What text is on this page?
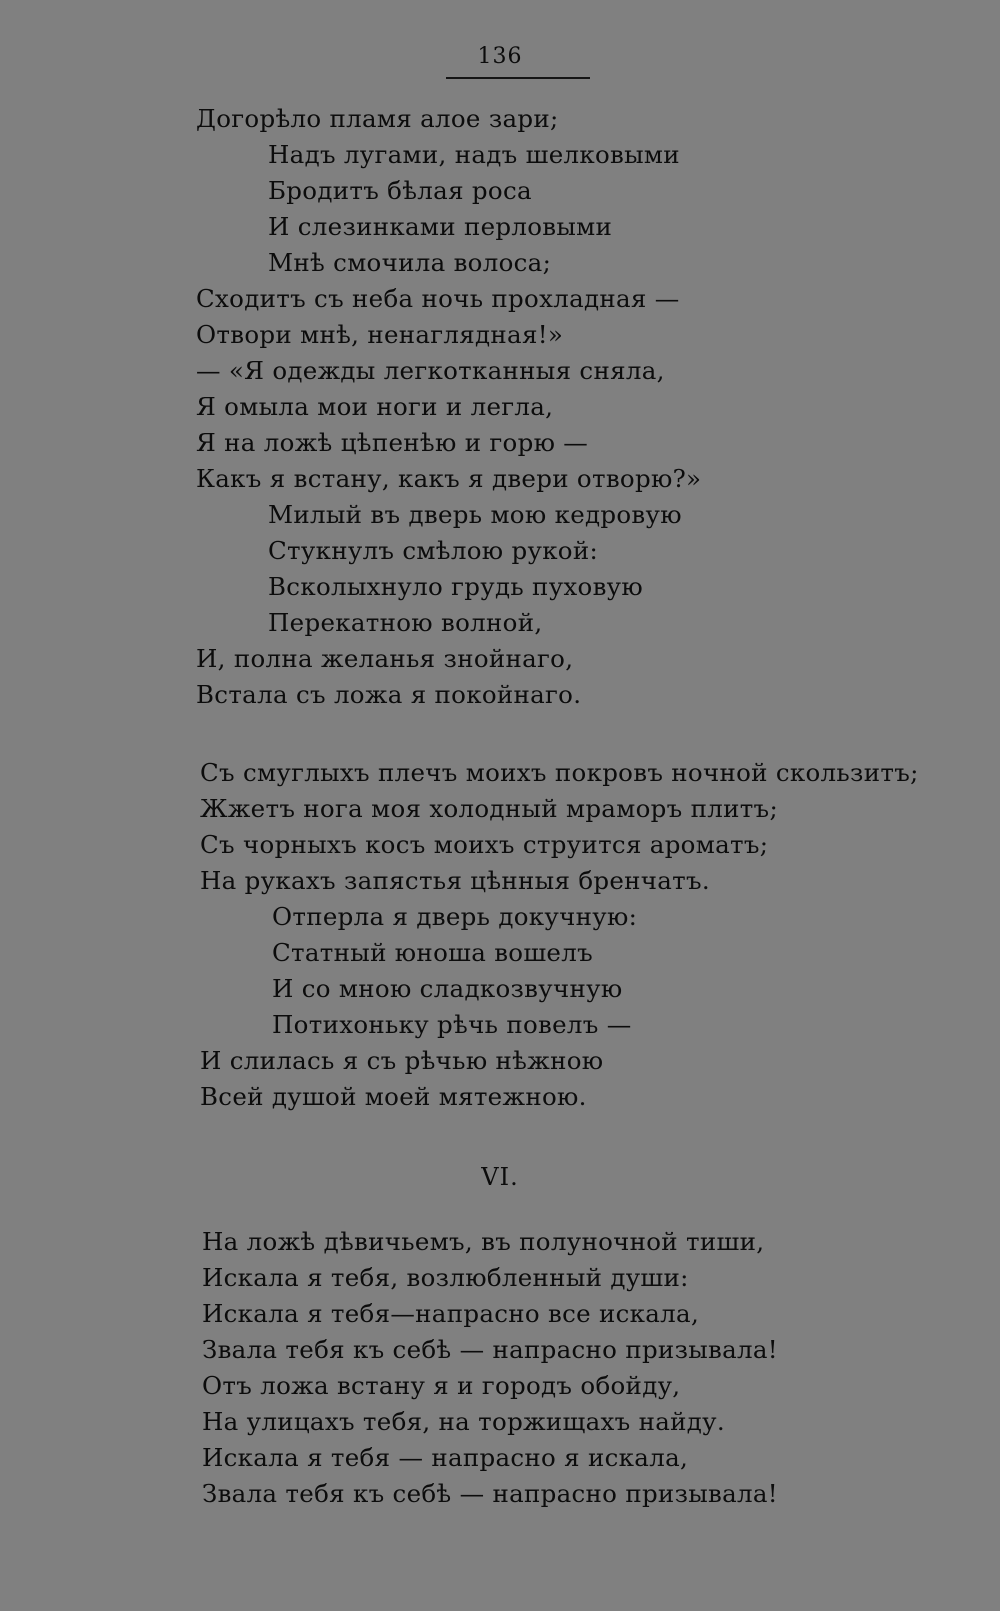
136
Догорѣло пламя алое зари;
Надъ лугами, надъ шелковыми
Бродитъ бѣлая роса
И слезинками перловыми
Мнѣ смочила волоса;
Сходитъ съ неба ночь прохладная —
Отвори мнѣ, ненаглядная!»
— «Я одежды легкотканныя сняла,
Я омыла мои ноги и легла,
Я на ложѣ цѣпенѣю и горю —
Какъ я встану, какъ я двери отворю?»
Милый въ дверь мою кедровую
Стукнулъ смѣлою рукой:
Всколыхнуло грудь пуховую
Перекатною волной,
И, полна желанья знойнаго,
Встала съ ложа я покойнаго.
Съ смуглыхъ плечъ моихъ покровъ ночной скользитъ;
Жжетъ нога моя холодный мраморъ плитъ;
Съ чорныхъ косъ моихъ струится ароматъ;
На рукахъ запястья цѣнныя бренчатъ.
Отперла я дверь докучную:
Статный юноша вошелъ
И со мною сладкозвучную
Потихоньку рѣчь повелъ —
И слилась я съ рѣчью нѣжною
Всей душой моей мятежною.
VI.
На ложѣ дѣвичьемъ, въ полуночной тиши,
Искала я тебя, возлюбленный души:
Искала я тебя—напрасно все искала,
Звала тебя къ себѣ — напрасно призывала!
Отъ ложа встану я и городъ обойду,
На улицахъ тебя, на торжищахъ найду.
Искала я тебя — напрасно я искала,
Звала тебя къ себѣ — напрасно призывала!
